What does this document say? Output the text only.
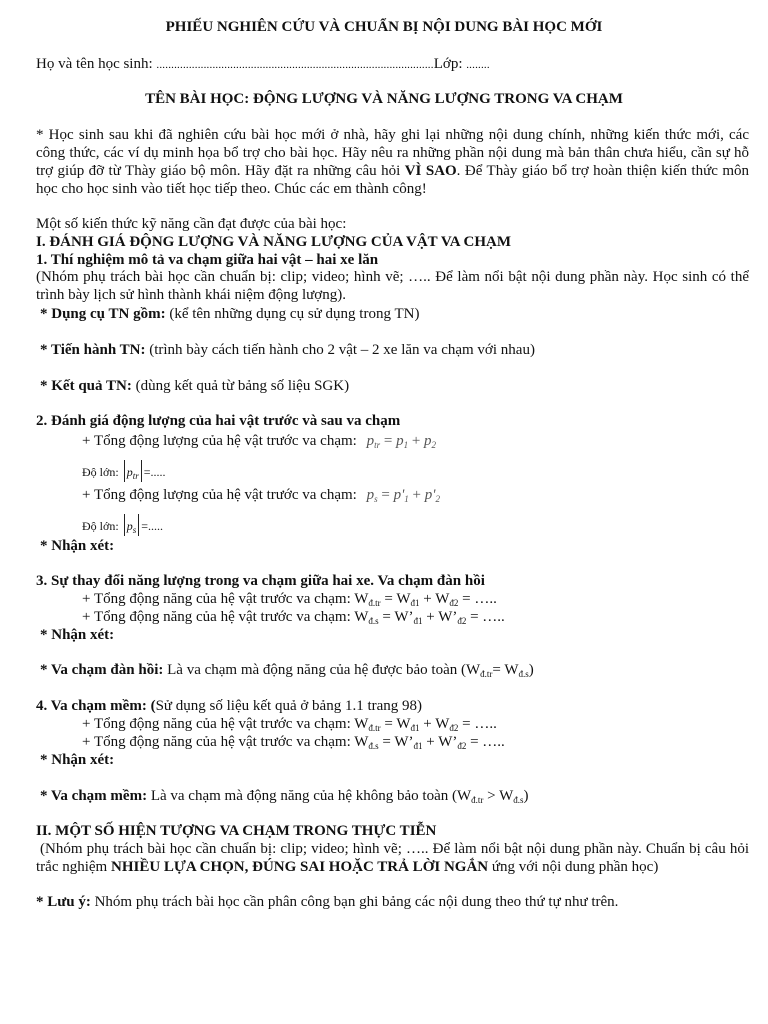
PHIẾU NGHIÊN CỨU VÀ CHUẨN BỊ NỘI DUNG BÀI HỌC MỚI
Họ và tên học sinh: ..............................................................................................Lớp: ........
TÊN BÀI HỌC: ĐỘNG LƯỢNG VÀ NĂNG LƯỢNG TRONG VA CHẠM
* Học sinh sau khi đã nghiên cứu bài học mới ở nhà, hãy ghi lại những nội dung chính, những kiến thức mới, các
công thức, các ví dụ minh họa bổ trợ cho bài học. Hãy nêu ra những phần nội dung mà bản thân chưa hiểu, cần sự hỗ
trợ giúp đỡ từ Thày giáo bộ môn. Hãy đặt ra những câu hỏi VÌ SAO. Để Thày giáo bổ trợ hoàn thiện kiến thức môn
học cho học sinh vào tiết học tiếp theo. Chúc các em thành công!
Một số kiến thức kỹ năng cần đạt được của bài học:
I. ĐÁNH GIÁ ĐỘNG LƯỢNG VÀ NĂNG LƯỢNG CỦA VẬT VA CHẠM
1. Thí nghiệm mô tả va chạm giữa hai vật – hai xe lăn
(Nhóm phụ trách bài học cần chuẩn bị: clip; video; hình vẽ; ….. Để làm nổi bật nội dung phần này. Học sinh có thể
trình bày lịch sử hình thành khái niệm động lượng).
* Dụng cụ TN gồm: (kể tên những dụng cụ sử dụng trong TN)
* Tiến hành TN: (trình bày cách tiến hành cho 2 vật – 2 xe lăn va chạm với nhau)
* Kết quả TN: (dùng kết quả từ bảng số liệu SGK)
2. Đánh giá động lượng của hai vật trước và sau va chạm
+ Tổng động lượng của hệ vật trước va chạm: $p_{tr} = p_1 + p_2$
Độ lớn: $p_{tr}$ =.....
+ Tổng động lượng của hệ vật trước va chạm: $p_s = p'_1 + p'_2$
Độ lớn: $p_s$ =.....
* Nhận xét:
3. Sự thay đổi năng lượng trong va chạm giữa hai xe. Va chạm đàn hồi
+ Tổng động năng của hệ vật trước va chạm: $W_{đ.tr} = W_{đ1} + W_{đ2}$ = …..
+ Tổng động năng của hệ vật trước va chạm: $W_{đ.s}$ = $W’_{đ1}$ + $W’_{đ2}$ = …..
* Nhận xét:
* Va chạm đàn hồi: Là va chạm mà động năng của hệ được bảo toàn $(W_{đ.tr}= W_{đ.s})$
4. Va chạm mềm: (Sử dụng số liệu kết quả ở bảng 1.1 trang 98)
+ Tổng động năng của hệ vật trước va chạm: $W_{đ.tr} = W_{đ1} + W_{đ2}$ = …..
+ Tổng động năng của hệ vật trước va chạm: $W_{đ.s}$ = $W’_{đ1}$ + $W’_{đ2}$ = …..
* Nhận xét:
* Va chạm mềm: Là va chạm mà động năng của hệ không bảo toàn $(W_{đ.tr} > W_{đ.s})$
II. MỘT SỐ HIỆN TƯỢNG VA CHẠM TRONG THỰC TIỄN
(Nhóm phụ trách bài học cần chuẩn bị: clip; video; hình vẽ; ….. Để làm nổi bật nội dung phần này. Chuẩn bị câu hỏi
trắc nghiệm NHIỀU LỰA CHỌN, ĐÚNG SAI HOẶC TRẢ LỜI NGẮN ứng với nội dung phần học)
* Lưu ý: Nhóm phụ trách bài học cần phân công bạn ghi bảng các nội dung theo thứ tự như trên.
